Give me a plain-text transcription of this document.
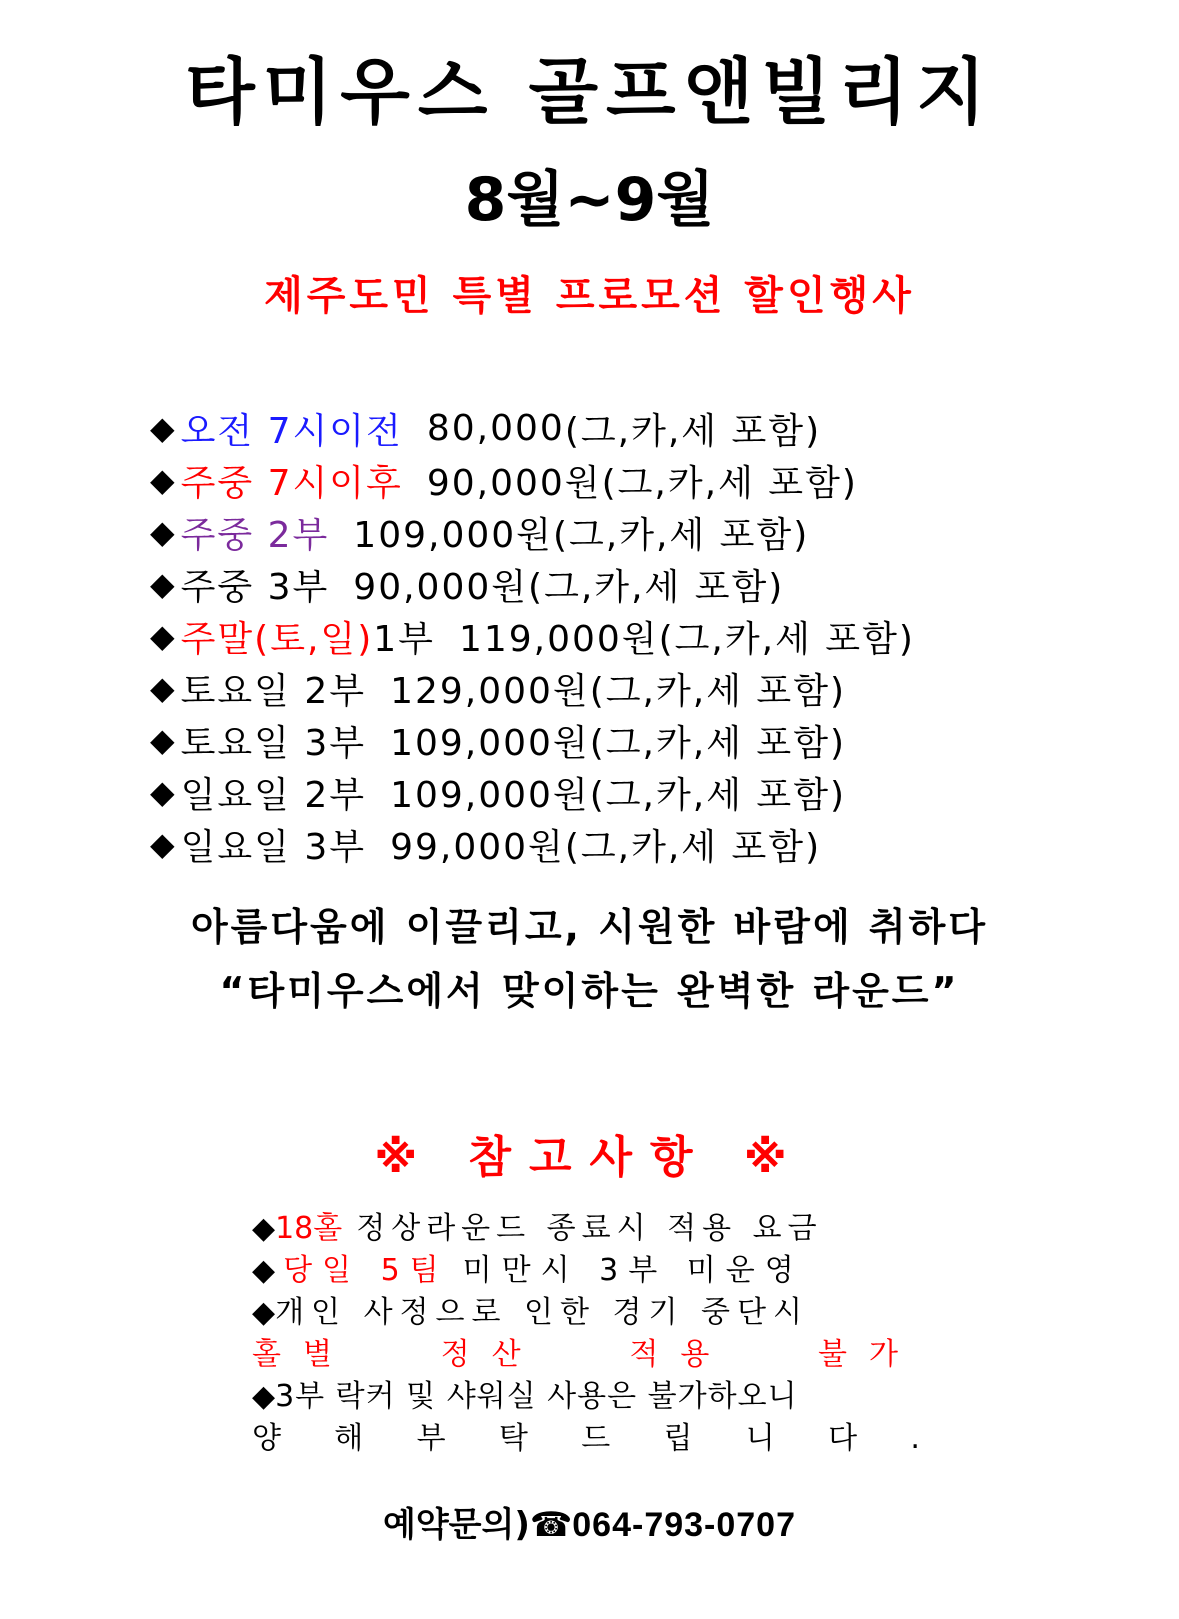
타미우스 골프앤빌리지
8월~9월
제주도민 특별 프로모션 할인행사
◆ 오전 7시이전 80,000 (그,카,세 포함)
◆ 주중 7시이후 90,000원 (그,카,세 포함)
◆ 주중 2부 109,000원 (그,카,세 포함)
◆ 주중 3부 90,000원 (그,카,세 포함)
◆ 주말(토,일) 1부 119,000원 (그,카,세 포함)
◆ 토요일 2부 129,000원 (그,카,세 포함)
◆ 토요일 3부 109,000원 (그,카,세 포함)
◆ 일요일 2부 109,000원 (그,카,세 포함)
◆ 일요일 3부 99,000원 (그,카,세 포함)
아름다움에 이끌리고, 시원한 바람에 취하다
“타미우스에서 맞이하는 완벽한 라운드”
※ 참고사항 ※
◆ 18홀 정상라운드 종료시 적용 요금
◆ 당일 5팀 미만시 3부 미운영
◆ 개인 사정으로 인한 경기 중단시
홀별	정산	적용	불가
◆ 3부 락커 및 샤워실 사용은 불가하오니
양 해 부 탁 드 립 니 다 .
예약문의)☎064-793-0707
